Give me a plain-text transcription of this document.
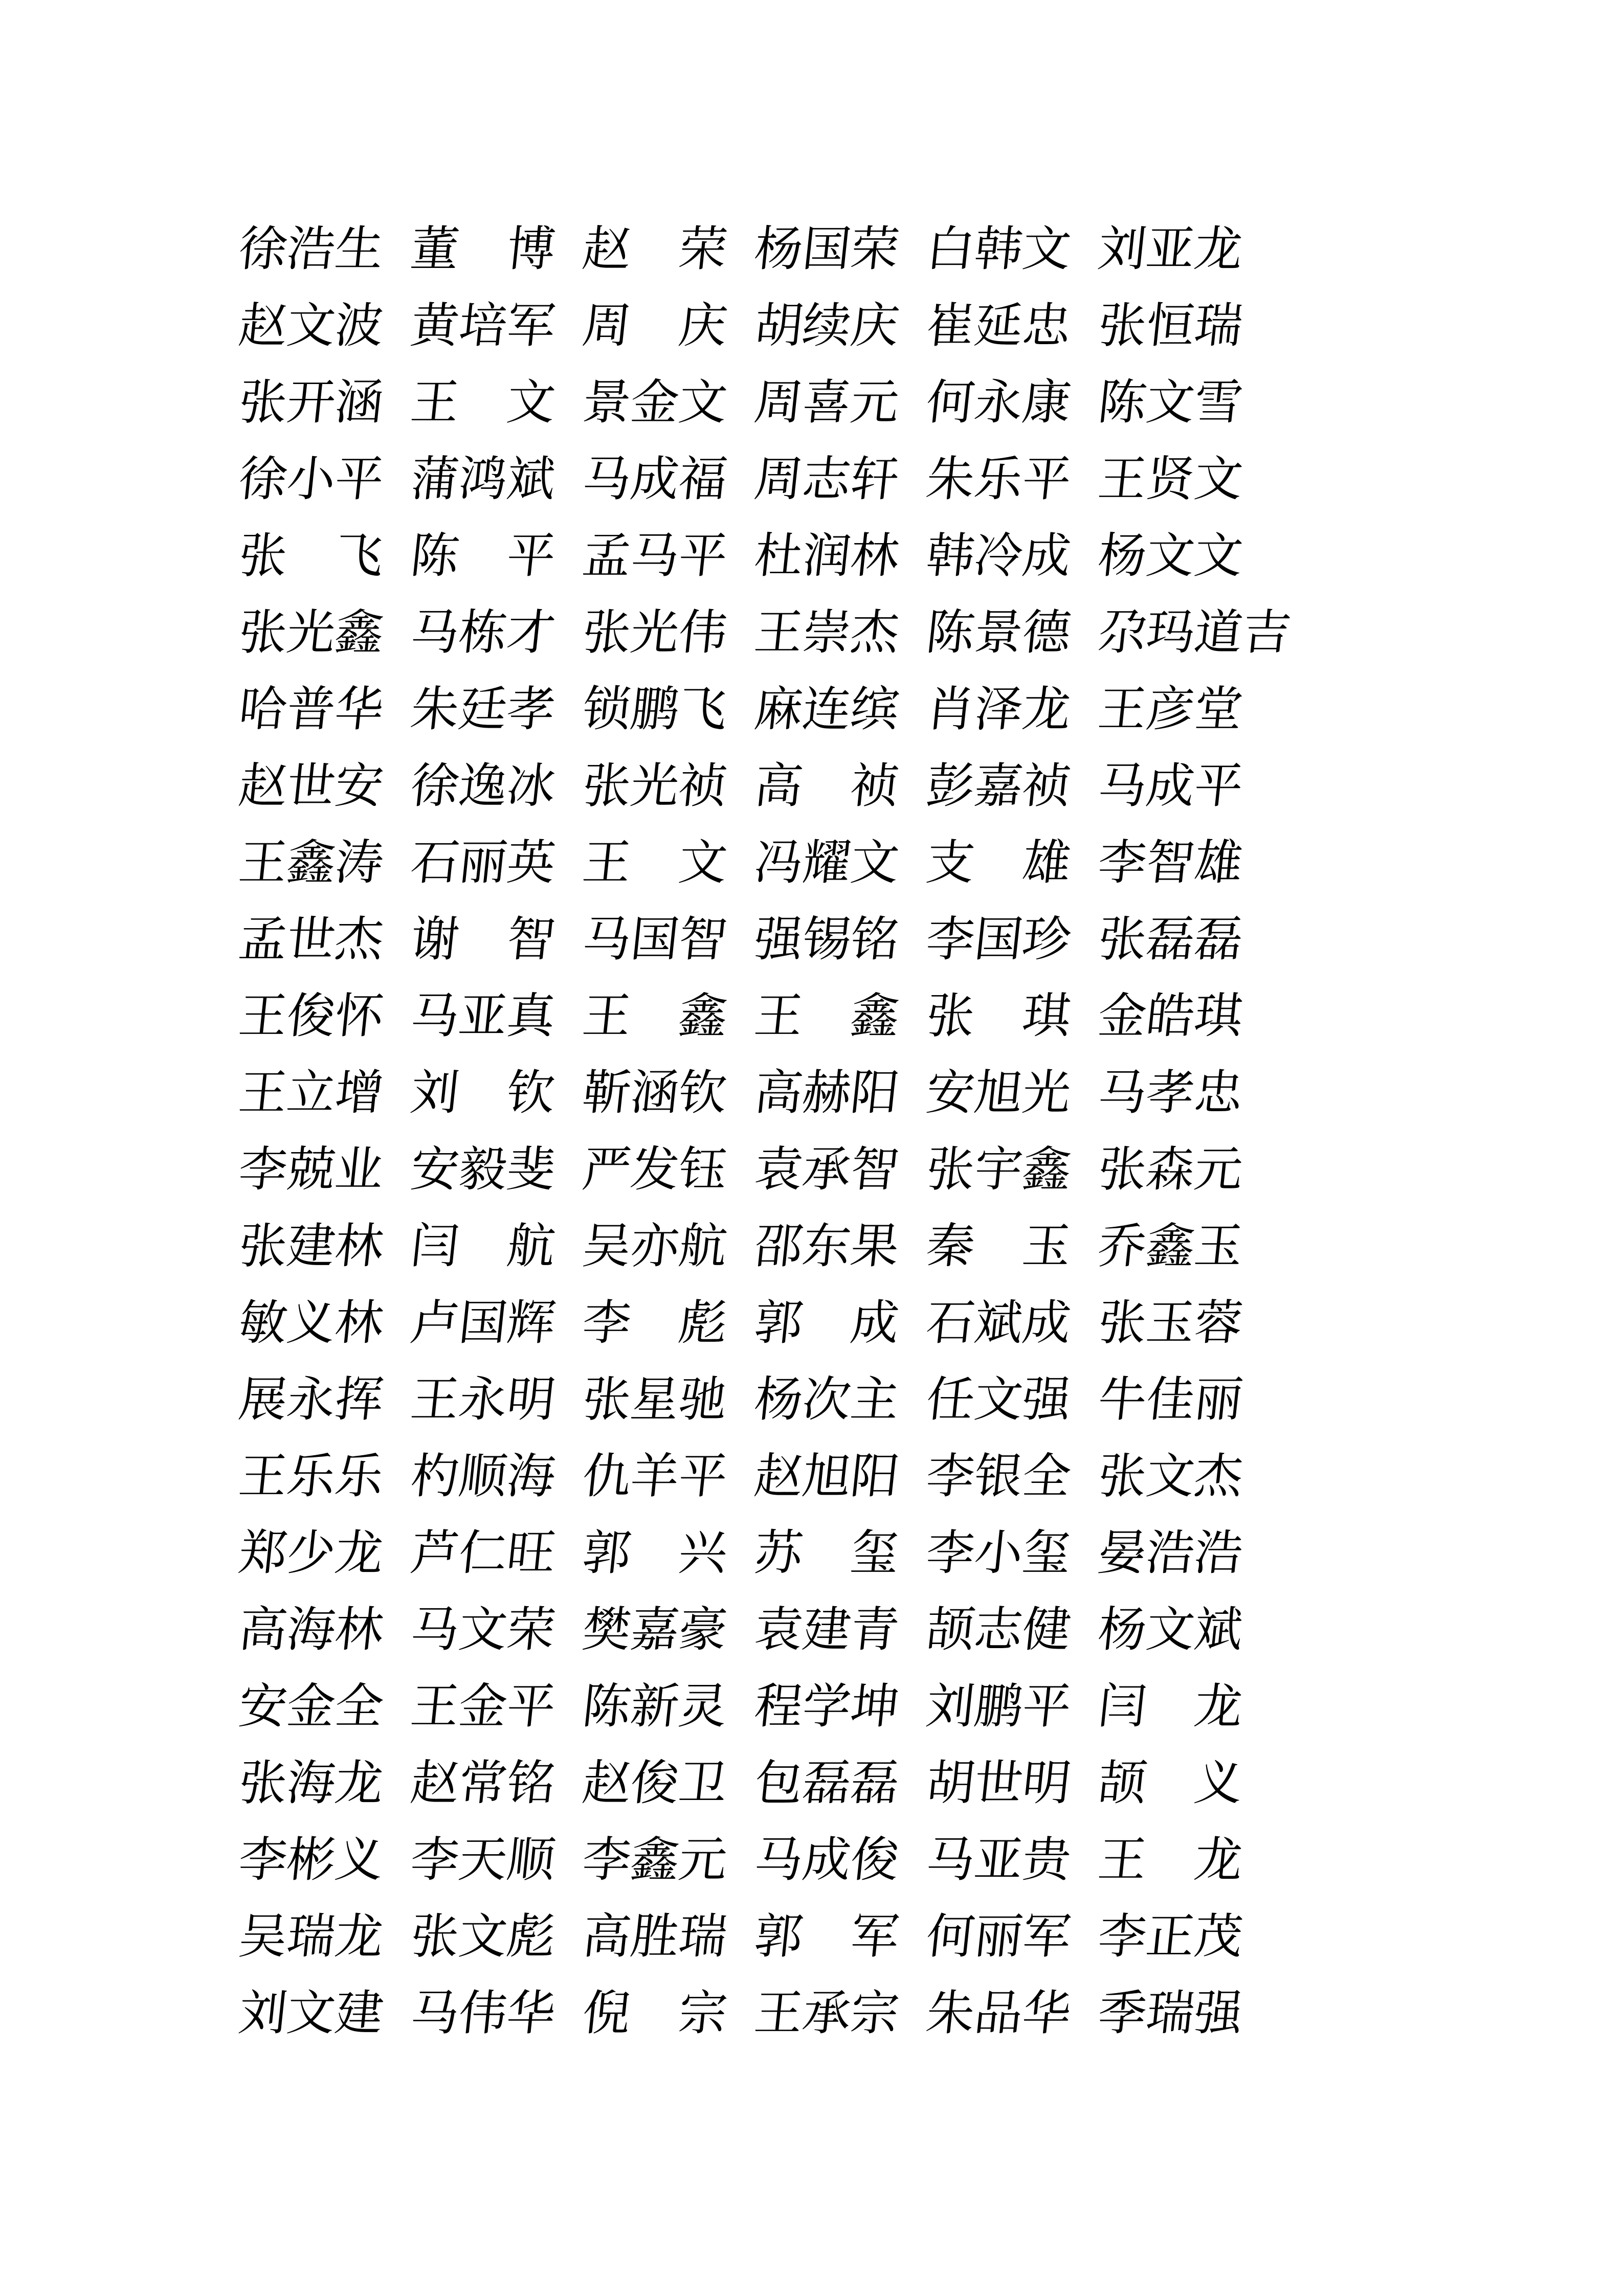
徐浩生 董　博 赵　荣 杨国荣 白韩文 刘亚龙
赵文波 黄培军 周　庆 胡续庆 崔延忠 张恒瑞
张开涵 王　文 景金文 周喜元 何永康 陈文雪
徐小平 蒲鸿斌 马成福 周志轩 朱乐平 王贤文
张　飞 陈　平 孟马平 杜润林 韩冷成 杨文文
张光鑫 马栋才 张光伟 王崇杰 陈景德 尕玛道吉
哈普华 朱廷孝 锁鹏飞 麻连缤 肖泽龙 王彦堂
赵世安 徐逸冰 张光祯 高　祯 彭嘉祯 马成平
王鑫涛 石丽英 王　文 冯耀文 支　雄 李智雄
孟世杰 谢　智 马国智 强锡铭 李国珍 张磊磊
王俊怀 马亚真 王　鑫 王　鑫 张　琪 金皓琪
王立增 刘　钦 靳涵钦 高赫阳 安旭光 马孝忠
李兢业 安毅斐 严发钰 袁承智 张宇鑫 张森元
张建林 闫　航 吴亦航 邵东果 秦　玉 乔鑫玉
敏义林 卢国辉 李　彪 郭　成 石斌成 张玉蓉
展永挥 王永明 张星驰 杨次主 任文强 牛佳丽
王乐乐 杓顺海 仇羊平 赵旭阳 李银全 张文杰
郑少龙 芦仁旺 郭　兴 苏　玺 李小玺 晏浩浩
高海林 马文荣 樊嘉豪 袁建青 颉志健 杨文斌
安金全 王金平 陈新灵 程学坤 刘鹏平 闫　龙
张海龙 赵常铭 赵俊卫 包磊磊 胡世明 颉　义
李彬义 李天顺 李鑫元 马成俊 马亚贵 王　龙
吴瑞龙 张文彪 高胜瑞 郭　军 何丽军 李正茂
刘文建 马伟华 倪　宗 王承宗 朱品华 季瑞强
